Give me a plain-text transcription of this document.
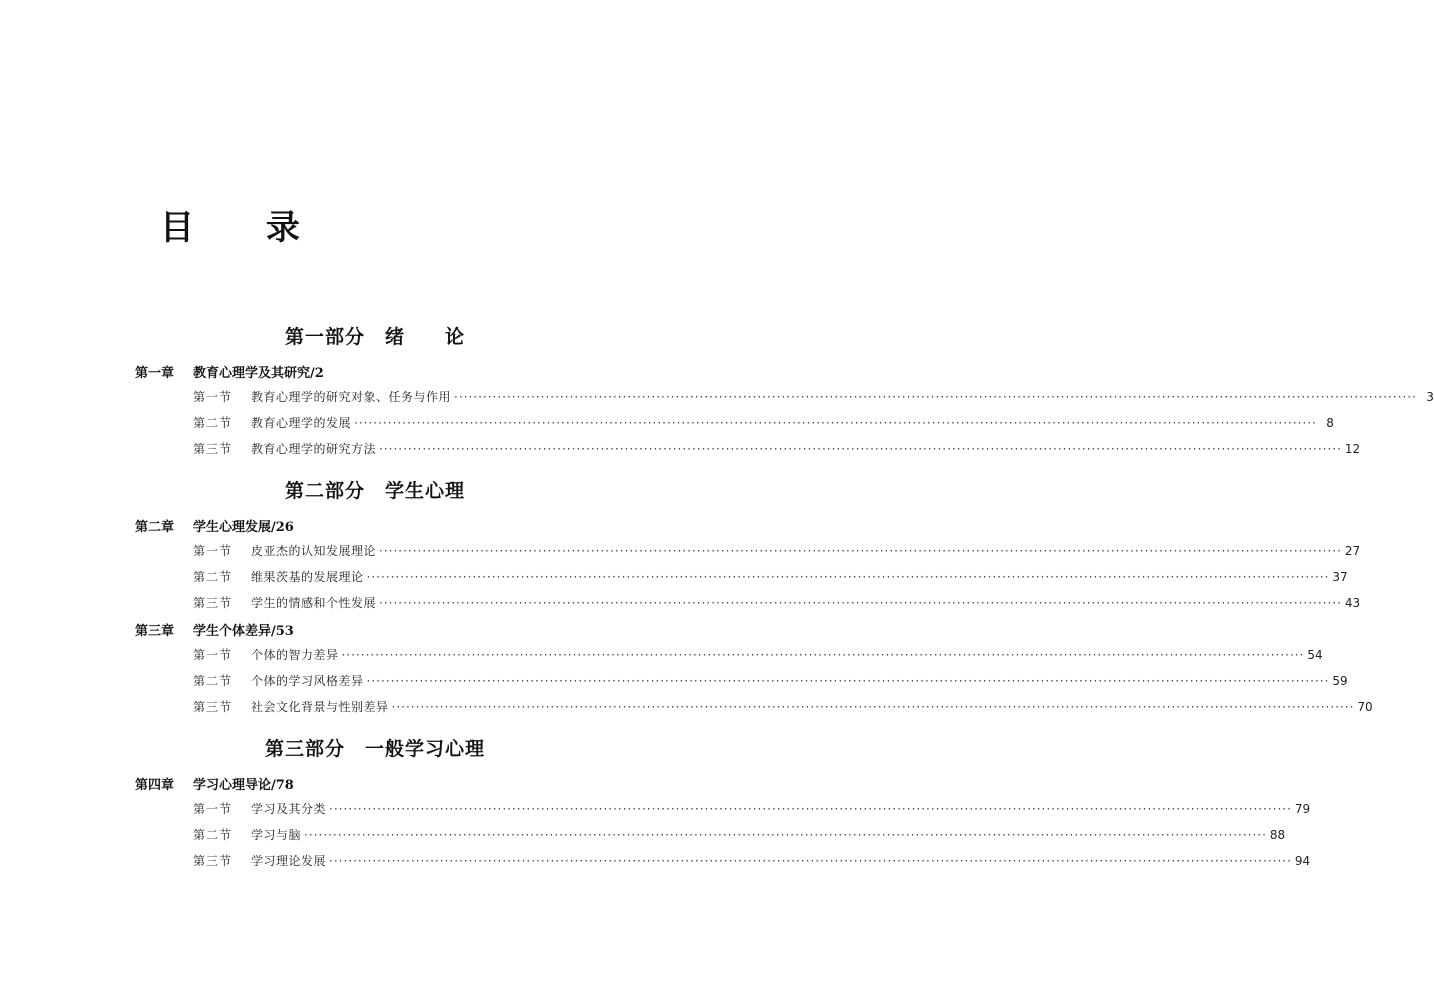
目 录
第一部分　绪　　论
第一章 教育心理学及其研究/2
第一节	教育心理学的研究对象、任务与作用 ········································································································································································································ 3
第二节	教育心理学的发展 ········································································································································································································ 8
第三节	教育心理学的研究方法 ········································································································································································································ 12
第二部分　学生心理
第二章 学生心理发展/26
第一节	皮亚杰的认知发展理论 ········································································································································································································ 27
第二节	维果茨基的发展理论 ········································································································································································································ 37
第三节	学生的情感和个性发展 ········································································································································································································ 43
第三章 学生个体差异/53
第一节	个体的智力差异 ········································································································································································································ 54
第二节	个体的学习风格差异 ········································································································································································································ 59
第三节	社会文化背景与性别差异 ········································································································································································································ 70
第三部分　一般学习心理
第四章 学习心理导论/78
第一节	学习及其分类 ········································································································································································································ 79
第二节	学习与脑 ········································································································································································································ 88
第三节	学习理论发展 ········································································································································································································ 94
